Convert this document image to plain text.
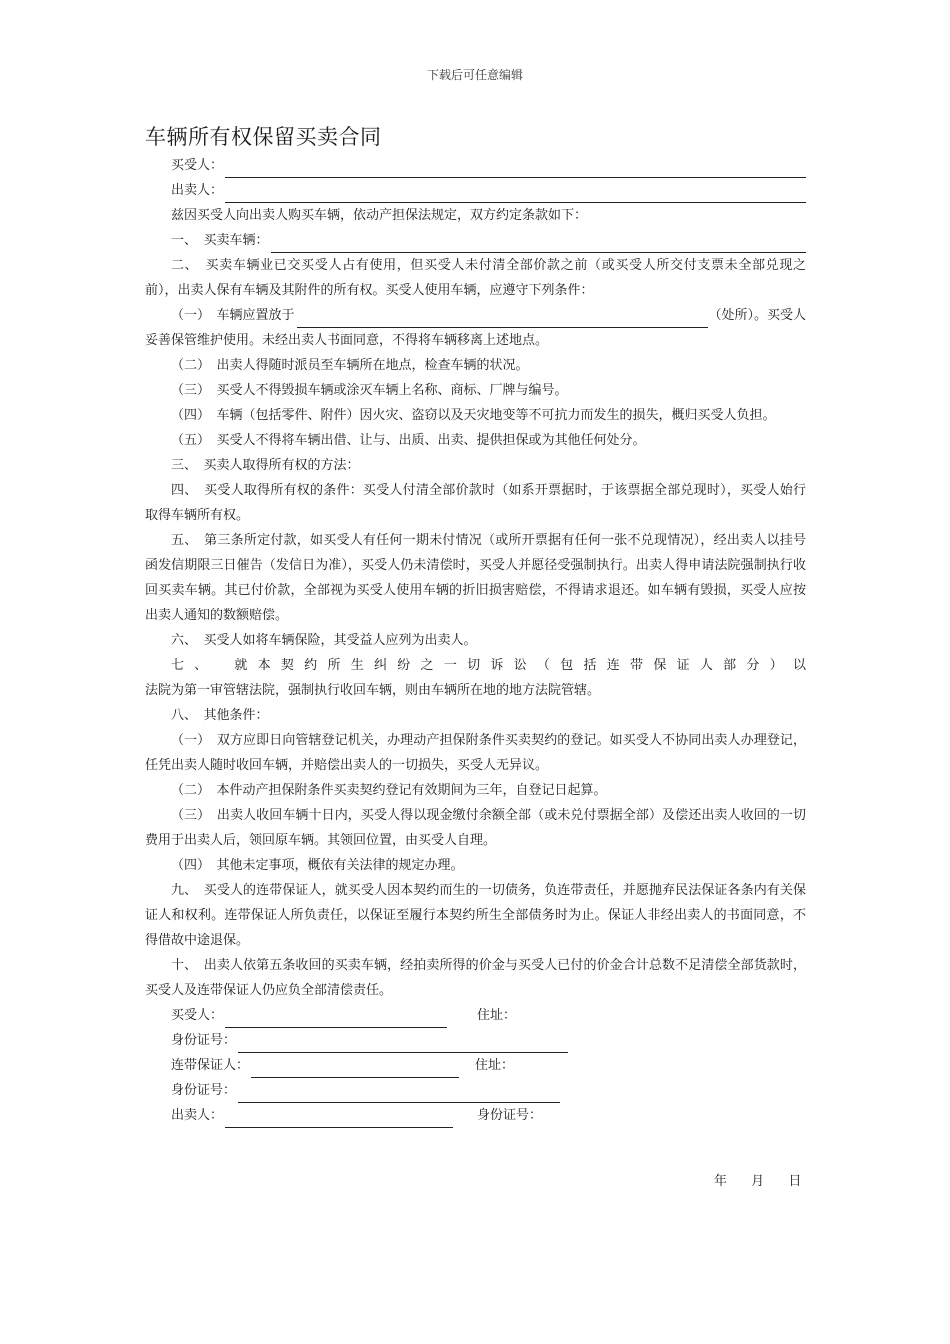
下载后可任意编辑
车辆所有权保留买卖合同
买受人：
出卖人：
兹因买受人向出卖人购买车辆，依动产担保法规定，双方约定条款如下：
一、　买卖车辆：
二、　买卖车辆业已交买受人占有使用，但买受人未付清全部价款之前（或买受人所交付支票未全部兑现之前），出卖人保有车辆及其附件的所有权。买受人使用车辆，应遵守下列条件：
（一）　车辆应置放于	（处所）。买受人
妥善保管维护使用。未经出卖人书面同意，不得将车辆移离上述地点。
（二）　出卖人得随时派员至车辆所在地点，检查车辆的状况。
（三）　买受人不得毁损车辆或涂灭车辆上名称、商标、厂牌与编号。
（四）　车辆（包括零件、附件）因火灾、盗窃以及天灾地变等不可抗力而发生的损失，概归买受人负担。
（五）　买受人不得将车辆出借、让与、出质、出卖、提供担保或为其他任何处分。
三、　买卖人取得所有权的方法：
四、　买受人取得所有权的条件：买受人付清全部价款时（如系开票据时，于该票据全部兑现时），买受人始行取得车辆所有权。
五、　第三条所定付款，如买受人有任何一期未付情况（或所开票据有任何一张不兑现情况），经出卖人以挂号函发信期限三日催告（发信日为准），买受人仍未清偿时，买受人并愿径受强制执行。出卖人得申请法院强制执行收回买卖车辆。其已付价款，全部视为买受人使用车辆的折旧损害赔偿，不得请求退还。如车辆有毁损，买受人应按出卖人通知的数额赔偿。
六、　买受人如将车辆保险，其受益人应列为出卖人。
七、　就本契约所生纠纷之一切诉讼（包括连带保证人部分）以
法院为第一审管辖法院，强制执行收回车辆，则由车辆所在地的地方法院管辖。
八、　其他条件：
（一）　双方应即日向管辖登记机关，办理动产担保附条件买卖契约的登记。如买受人不协同出卖人办理登记，任凭出卖人随时收回车辆，并赔偿出卖人的一切损失，买受人无异议。
（二）　本件动产担保附条件买卖契约登记有效期间为三年，自登记日起算。
（三）　出卖人收回车辆十日内，买受人得以现金缴付余额全部（或未兑付票据全部）及偿还出卖人收回的一切费用于出卖人后，领回原车辆。其领回位置，由买受人自理。
（四）　其他未定事项，概依有关法律的规定办理。
九、　买受人的连带保证人，就买受人因本契约而生的一切债务，负连带责任，并愿抛弃民法保证各条内有关保证人和权利。连带保证人所负责任，以保证至履行本契约所生全部债务时为止。保证人非经出卖人的书面同意，不得借故中途退保。
十、　出卖人依第五条收回的买卖车辆，经拍卖所得的价金与买受人已付的价金合计总数不足清偿全部货款时，买受人及连带保证人仍应负全部清偿责任。
买受人：	住址：
身份证号：
连带保证人：	住址：
身份证号：
出卖人：	身份证号：
年 月 日
